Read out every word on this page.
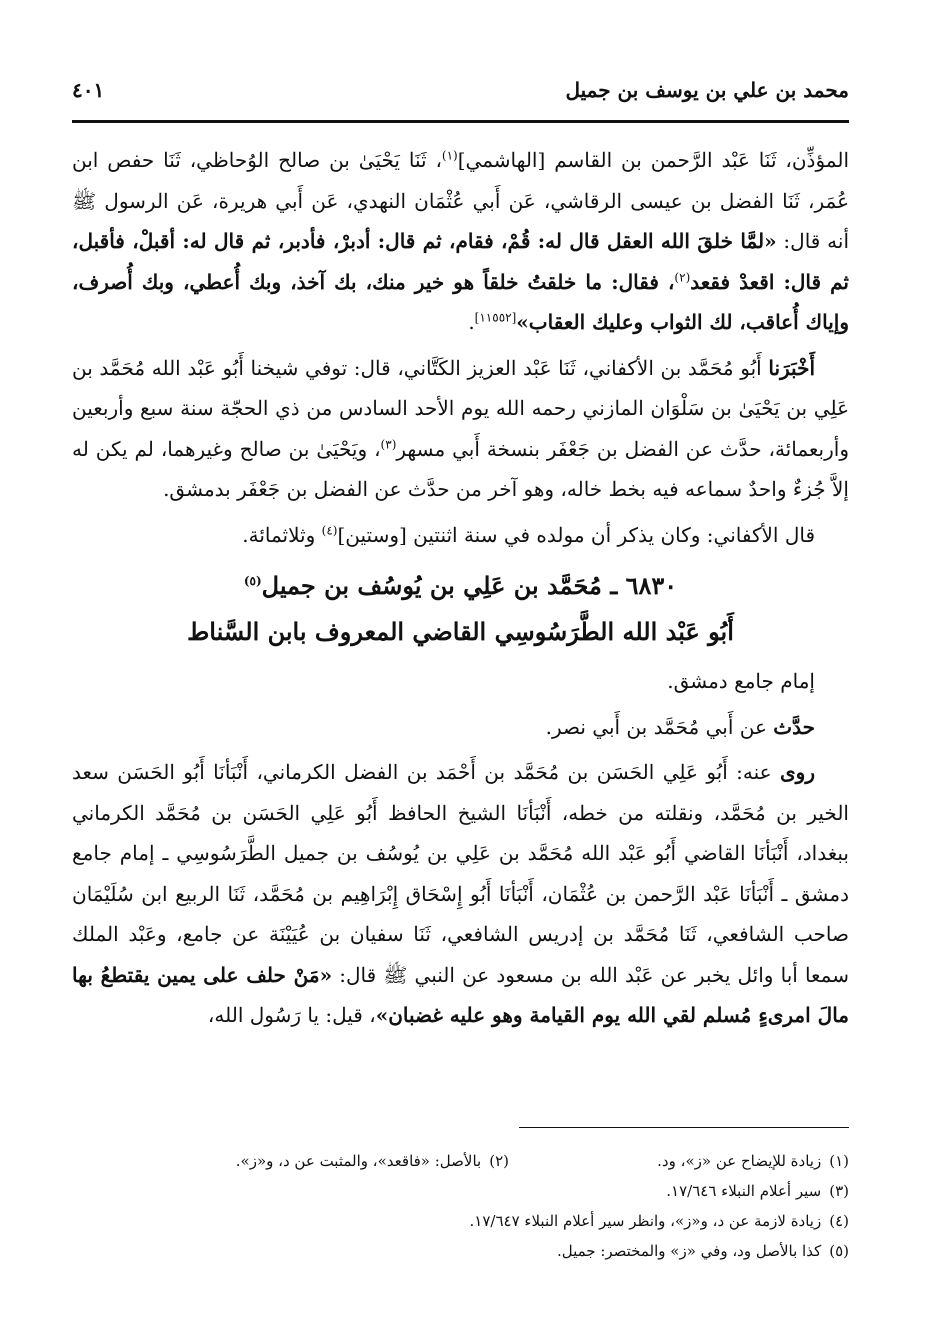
محمد بن علي بن يوسف بن جميل
٤٠١

المؤذِّن، ثَنَا عَبْد الرَّحمن بن القاسم [الهاشمي]$^{(١)}$، ثَنَا يَحْيَىٰ بن صالح الوُحاظي، ثَنَا حفص ابن عُمَر، ثَنَا الفضل بن عيسى الرقاشي، عَن أَبي عُثْمَان النهدي، عَن أَبي هريرة، عَن الرسول ﷺ أنه قال: «لمَّا خلقَ الله العقل قال له: قُمْ، فقام، ثم قال: أدبرْ، فأدبر، ثم قال له: أقبلْ، فأقبل، ثم قال: اقعدْ فقعد$^{(٢)}$، فقال: ما خلقتُ خلقاً هو خير منك، بك آخذ، وبك أُعطي، وبك أُصرف، وإياك أُعاقب، لك الثواب وعليك العقاب»[١١٥٥٢].

أَخْبَرَنا أَبُو مُحَمَّد بن الأكفاني، ثَنَا عَبْد العزيز الكَتَّاني، قال: توفي شيخنا أَبُو عَبْد الله مُحَمَّد بن عَلِي بن يَحْيَىٰ بن سَلْوَان المازني رحمه الله يوم الأحد السادس من ذي الحجّة سنة سبع وأربعين وأربعمائة، حدَّث عن الفضل بن جَعْفَر بنسخة أَبي مسهر$^{(٣)}$، ويَحْيَىٰ بن صالح وغيرهما، لم يكن له إلاَّ جُزءٌ واحدٌ سماعه فيه بخط خاله، وهو آخر من حدَّث عن الفضل بن جَعْفَر بدمشق.

قال الأكفاني: وكان يذكر أن مولده في سنة اثنتين [وستين]$^{(٤)}$ وثلاثمائة.

٦٨٣٠ ـ مُحَمَّد بن عَلِي بن يُوسُف بن جميل$^{(٥)}$
أَبُو عَبْد الله الطَّرَسُوسِي القاضي المعروف بابن السَّناط

إمام جامع دمشق.

حدَّث عن أَبي مُحَمَّد بن أَبي نصر.

روى عنه: أَبُو عَلِي الحَسَن بن مُحَمَّد بن أَحْمَد بن الفضل الكرماني، أَنْبَأنَا أَبُو الحَسَن سعد الخير بن مُحَمَّد، ونقلته من خطه، أَنْبَأنَا الشيخ الحافظ أَبُو عَلِي الحَسَن بن مُحَمَّد الكرماني ببغداد، أَنْبَأنَا القاضي أَبُو عَبْد الله مُحَمَّد بن عَلِي بن يُوسُف بن جميل الطَّرَسُوسِي ـ إمام جامع دمشق ـ أَنْبَأنَا عَبْد الرَّحمن بن عُثْمَان، أَنْبَأنَا أَبُو إِسْحَاق إِبْرَاهِيم بن مُحَمَّد، ثَنَا الربيع ابن سُلَيْمَان صاحب الشافعي، ثَنَا مُحَمَّد بن إدريس الشافعي، ثَنَا سفيان بن عُيَيْنَة عن جامع، وعَبْد الملك سمعا أبا وائل يخبر عن عَبْد الله بن مسعود عن النبي ﷺ قال: «مَنْ حلف على يمين يقتطعُ بها مالَ امرىءٍ مُسلم لقي الله يوم القيامة وهو عليه غضبان»، قيل: يا رَسُول الله،

(١)زيادة للإيضاح عن «ز»، ود.
(٢)بالأصل: «فاقعد»، والمثبت عن د، و«ز».
(٣)سير أعلام النبلاء ١٧/٦٤٦.
(٤)زيادة لازمة عن د، و«ز»، وانظر سير أعلام النبلاء ١٧/٦٤٧.
(٥)كذا بالأصل ود، وفي «ز» والمختصر: جميل.
